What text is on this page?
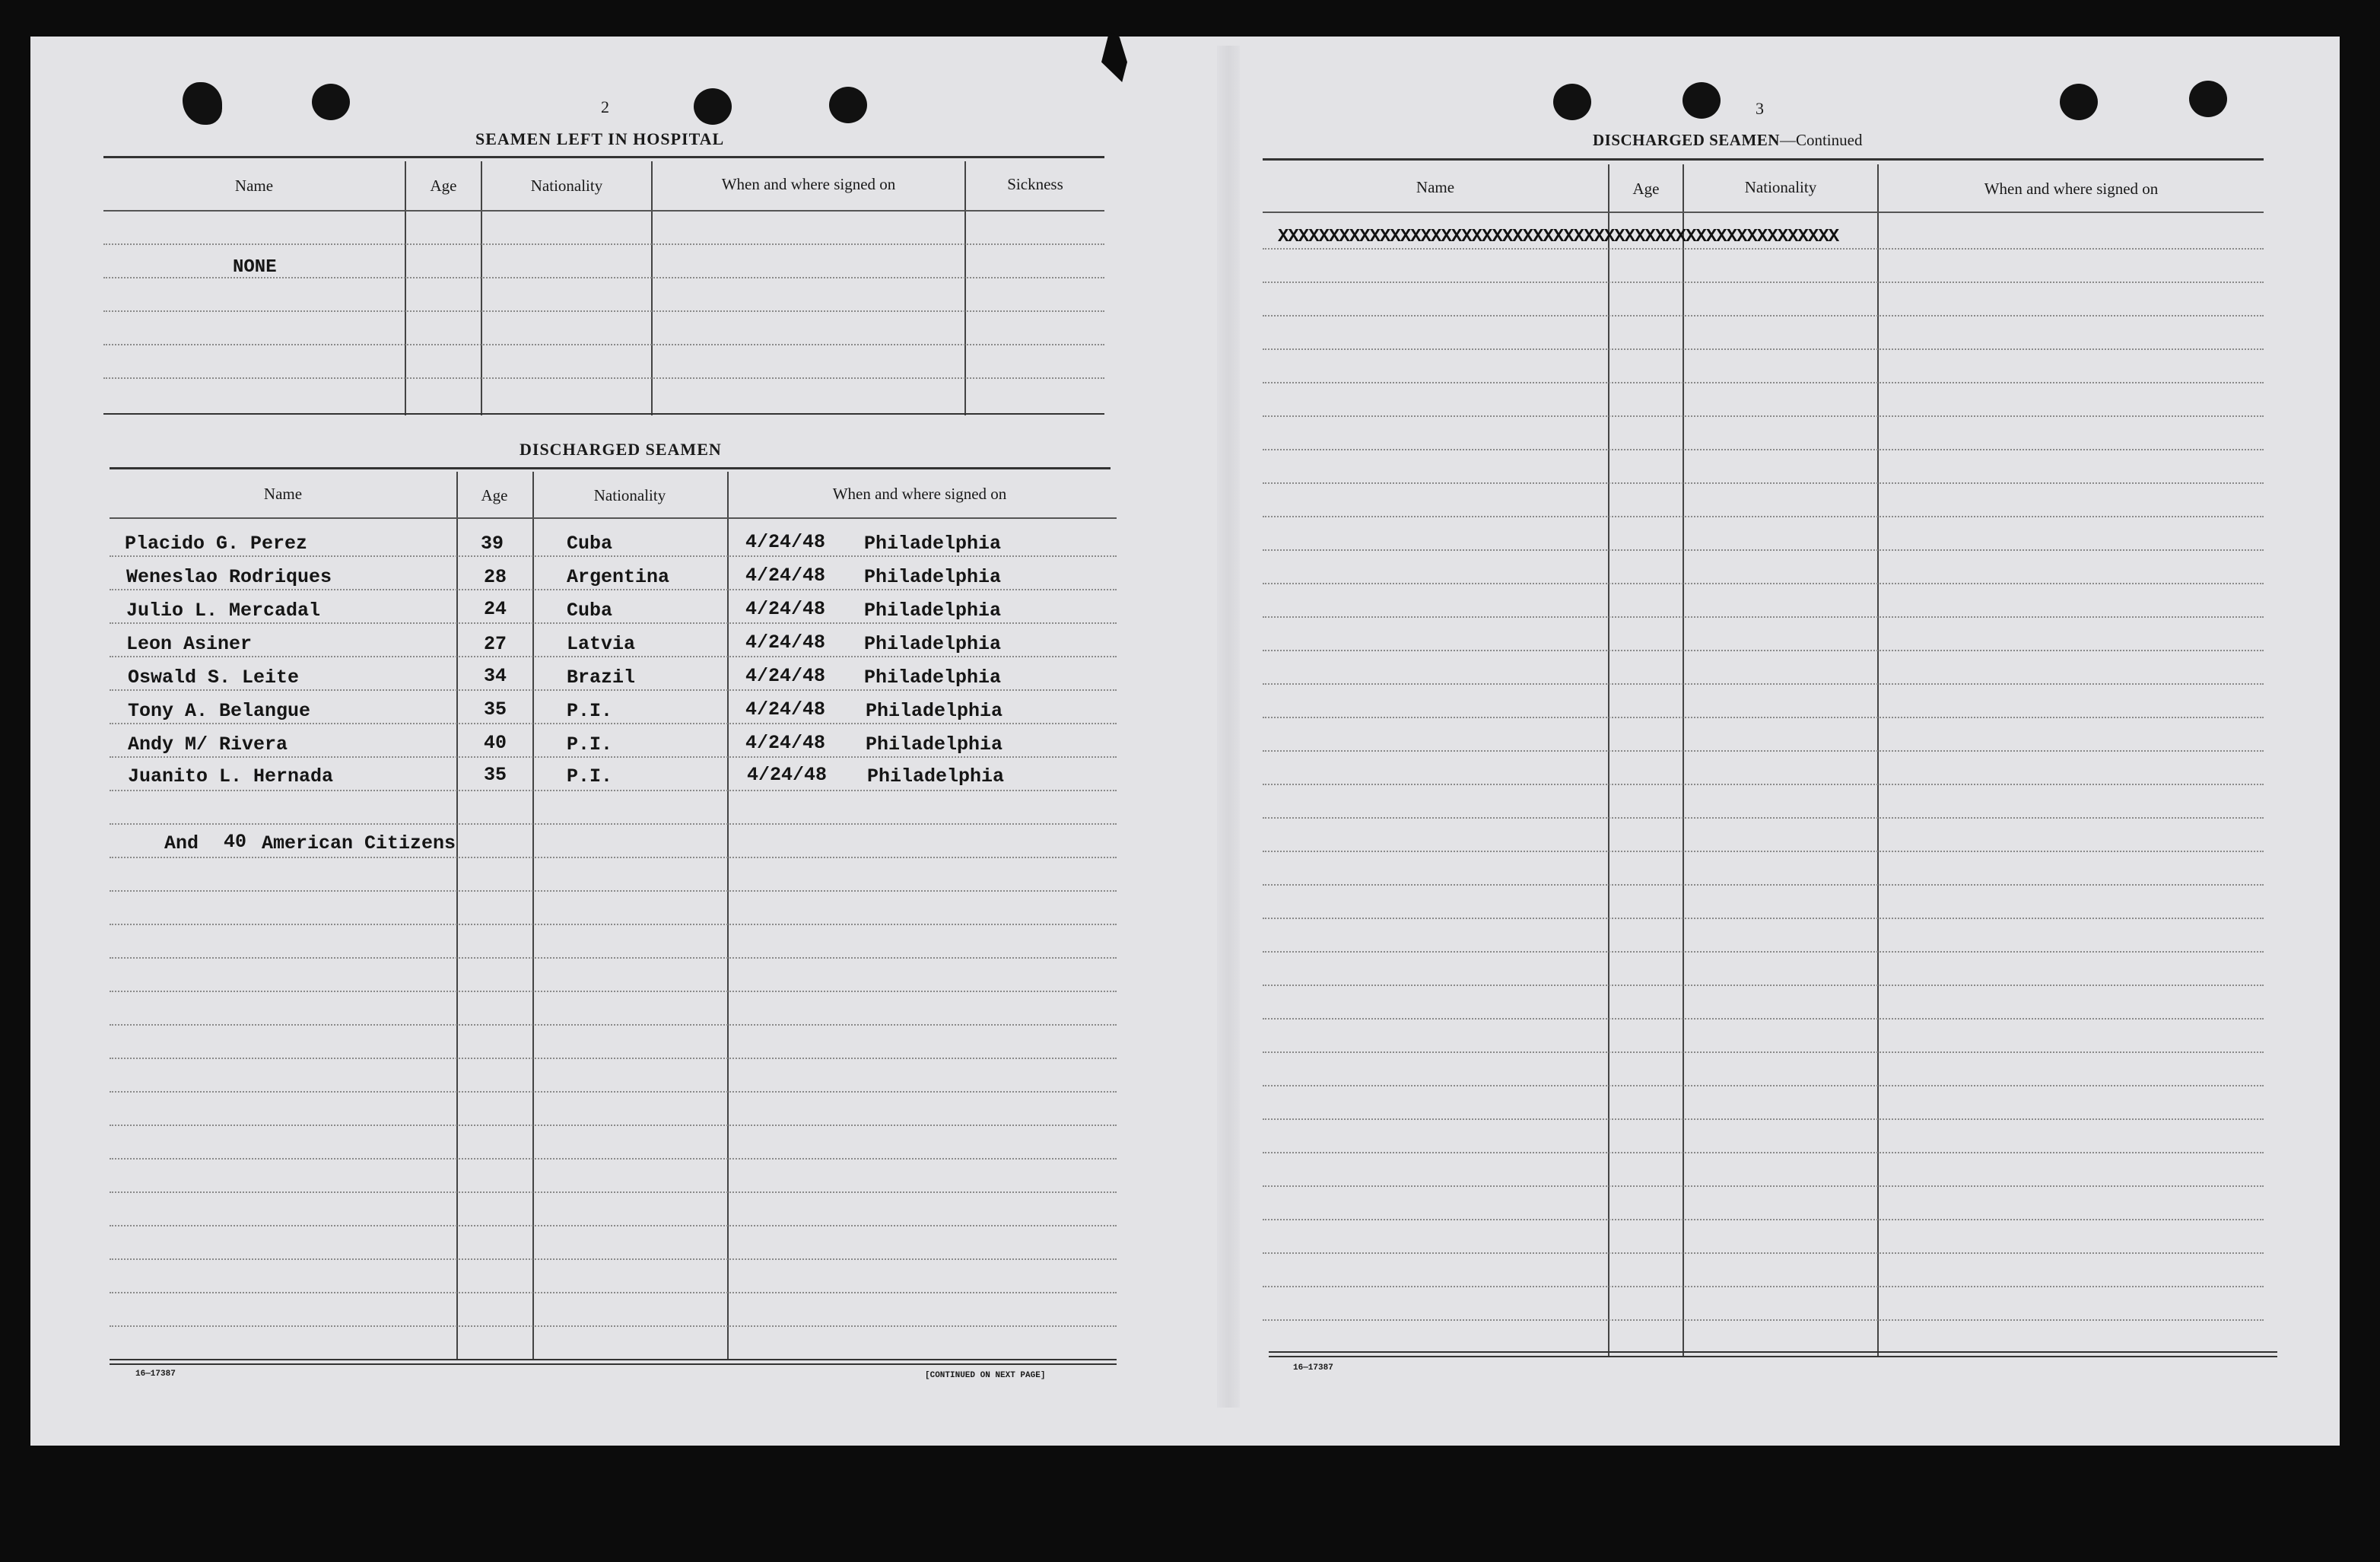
2
SEAMEN LEFT IN HOSPITAL
Name	Age	Nationality	When and where signed on	Sickness
NONE
DISCHARGED SEAMEN
Name	Age	Nationality	When and where signed on
Placido G. Perez	39	Cuba	4/24/48 Philadelphia
Weneslao Rodriques	28	Argentina	4/24/48 Philadelphia
Julio L. Mercadal	24	Cuba	4/24/48 Philadelphia
Leon Asiner	27	Latvia	4/24/48 Philadelphia
Oswald S. Leite	34	Brazil	4/24/48 Philadelphia
Tony A. Belangue	35	P.I.	4/24/48 Philadelphia
Andy M/ Rivera	40	P.I.	4/24/48 Philadelphia
Juanito L. Hernada	35	P.I.	4/24/48 Philadelphia
And 40 American Citizens
16—17387	[CONTINUED ON NEXT PAGE]
3
DISCHARGED SEAMEN—Continued
Name	Age	Nationality	When and where signed on
XXXXXXXXXXXXXXXXXXXXXXXXXXXXXXXXXXXXXXXXXXXXXXXXXXXXXXX
16—17387
